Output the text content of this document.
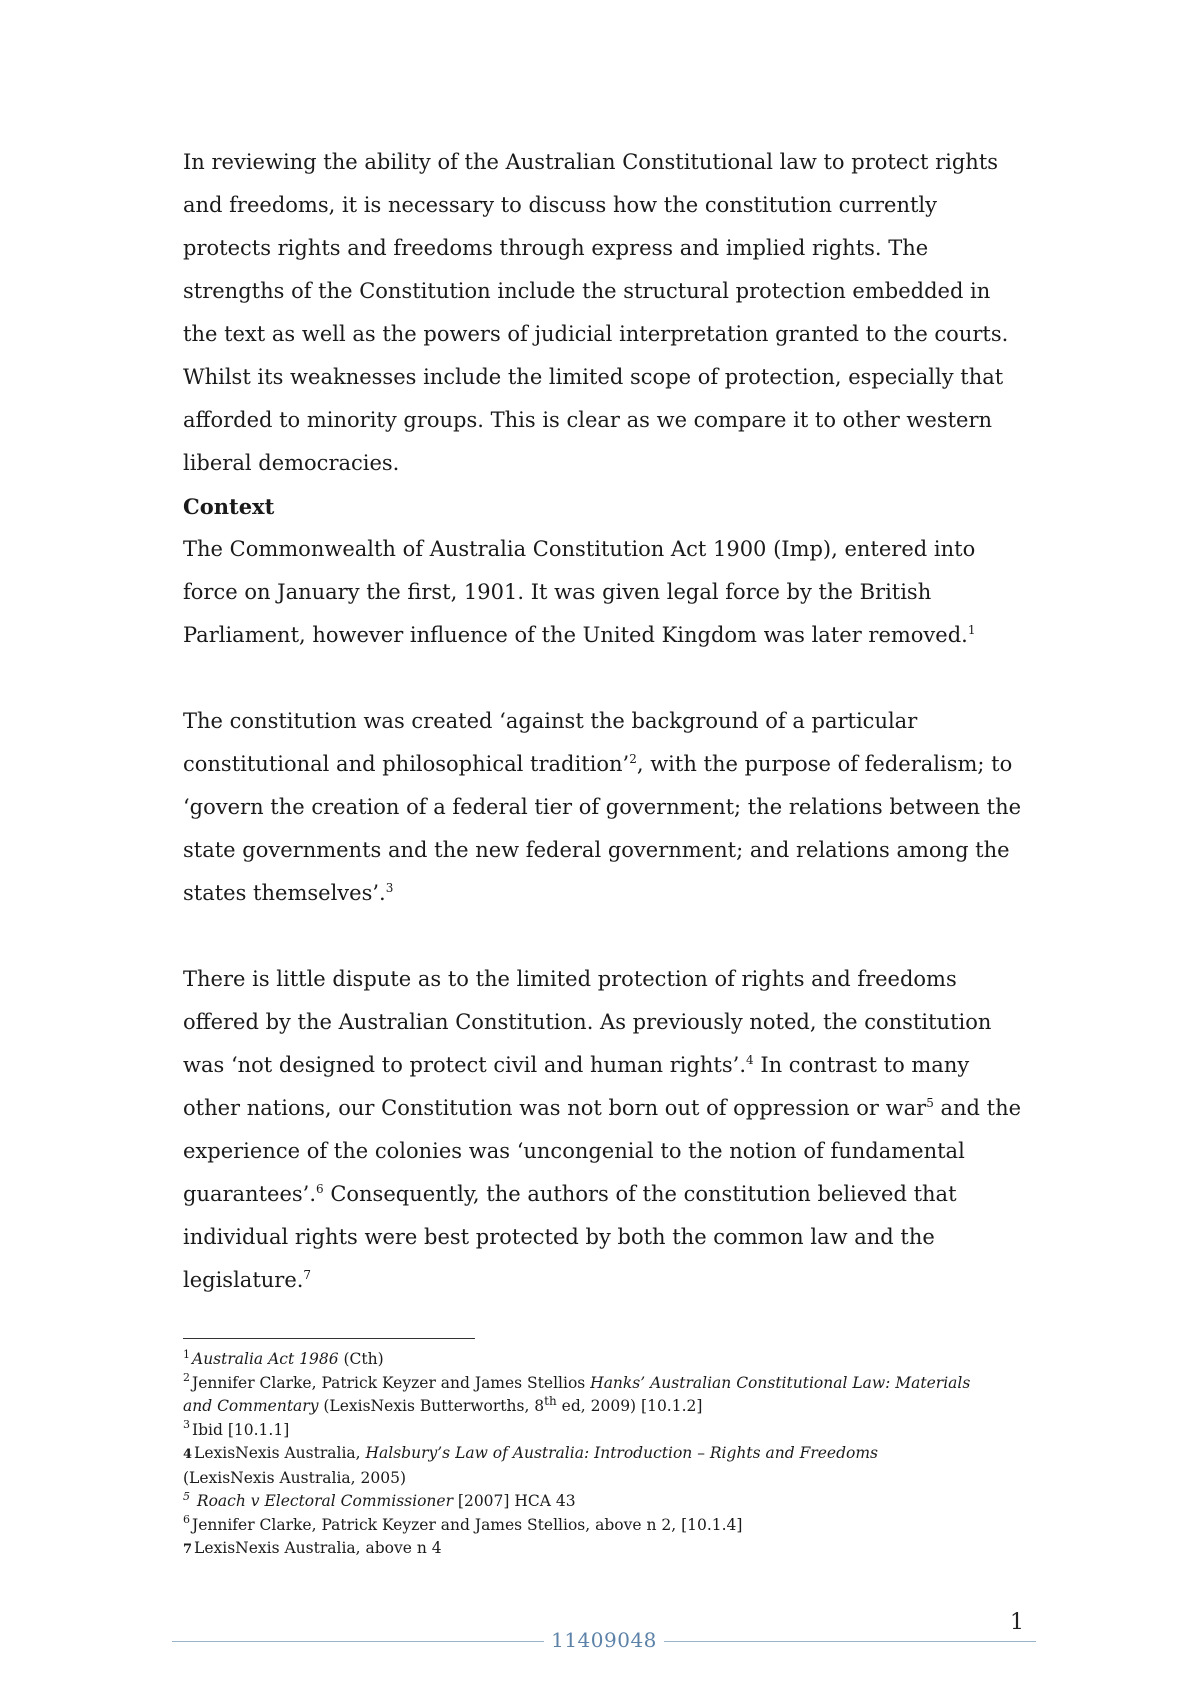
In reviewing the ability of the Australian Constitutional law to protect rights and freedoms, it is necessary to discuss how the constitution currently protects rights and freedoms through express and implied rights. The strengths of the Constitution include the structural protection embedded in the text as well as the powers of judicial interpretation granted to the courts. Whilst its weaknesses include the limited scope of protection, especially that afforded to minority groups. This is clear as we compare it to other western liberal democracies.

Context

The Commonwealth of Australia Constitution Act 1900 (Imp), entered into force on January the first, 1901. It was given legal force by the British Parliament, however influence of the United Kingdom was later removed.$^1$

The constitution was created ‘against the background of a particular constitutional and philosophical tradition’$^2$, with the purpose of federalism; to ‘govern the creation of a federal tier of government; the relations between the state governments and the new federal government; and relations among the states themselves’.$^3$

There is little dispute as to the limited protection of rights and freedoms offered by the Australian Constitution. As previously noted, the constitution was ‘not designed to protect civil and human rights’.$^4$ In contrast to many other nations, our Constitution was not born out of oppression or war$^5$ and the experience of the colonies was ‘uncongenial to the notion of fundamental guarantees’.$^6$ Consequently, the authors of the constitution believed that individual rights were best protected by both the common law and the legislature.$^7$

$^1$ Australia Act 1986 (Cth)

$^2$ Jennifer Clarke, Patrick Keyzer and James Stellios Hanks’ Australian Constitutional Law: Materials and Commentary (LexisNexis Butterworths, 8th ed, 2009) [10.1.2]

$^3$ Ibid [10.1.1]

4 LexisNexis Australia, Halsbury’s Law of Australia: Introduction – Rights and Freedoms
(LexisNexis Australia, 2005)

$^5$ Roach v Electoral Commissioner [2007] HCA 43

$^6$ Jennifer Clarke, Patrick Keyzer and James Stellios, above n 2, [10.1.4]

7 LexisNexis Australia, above n 4

1
11409048
